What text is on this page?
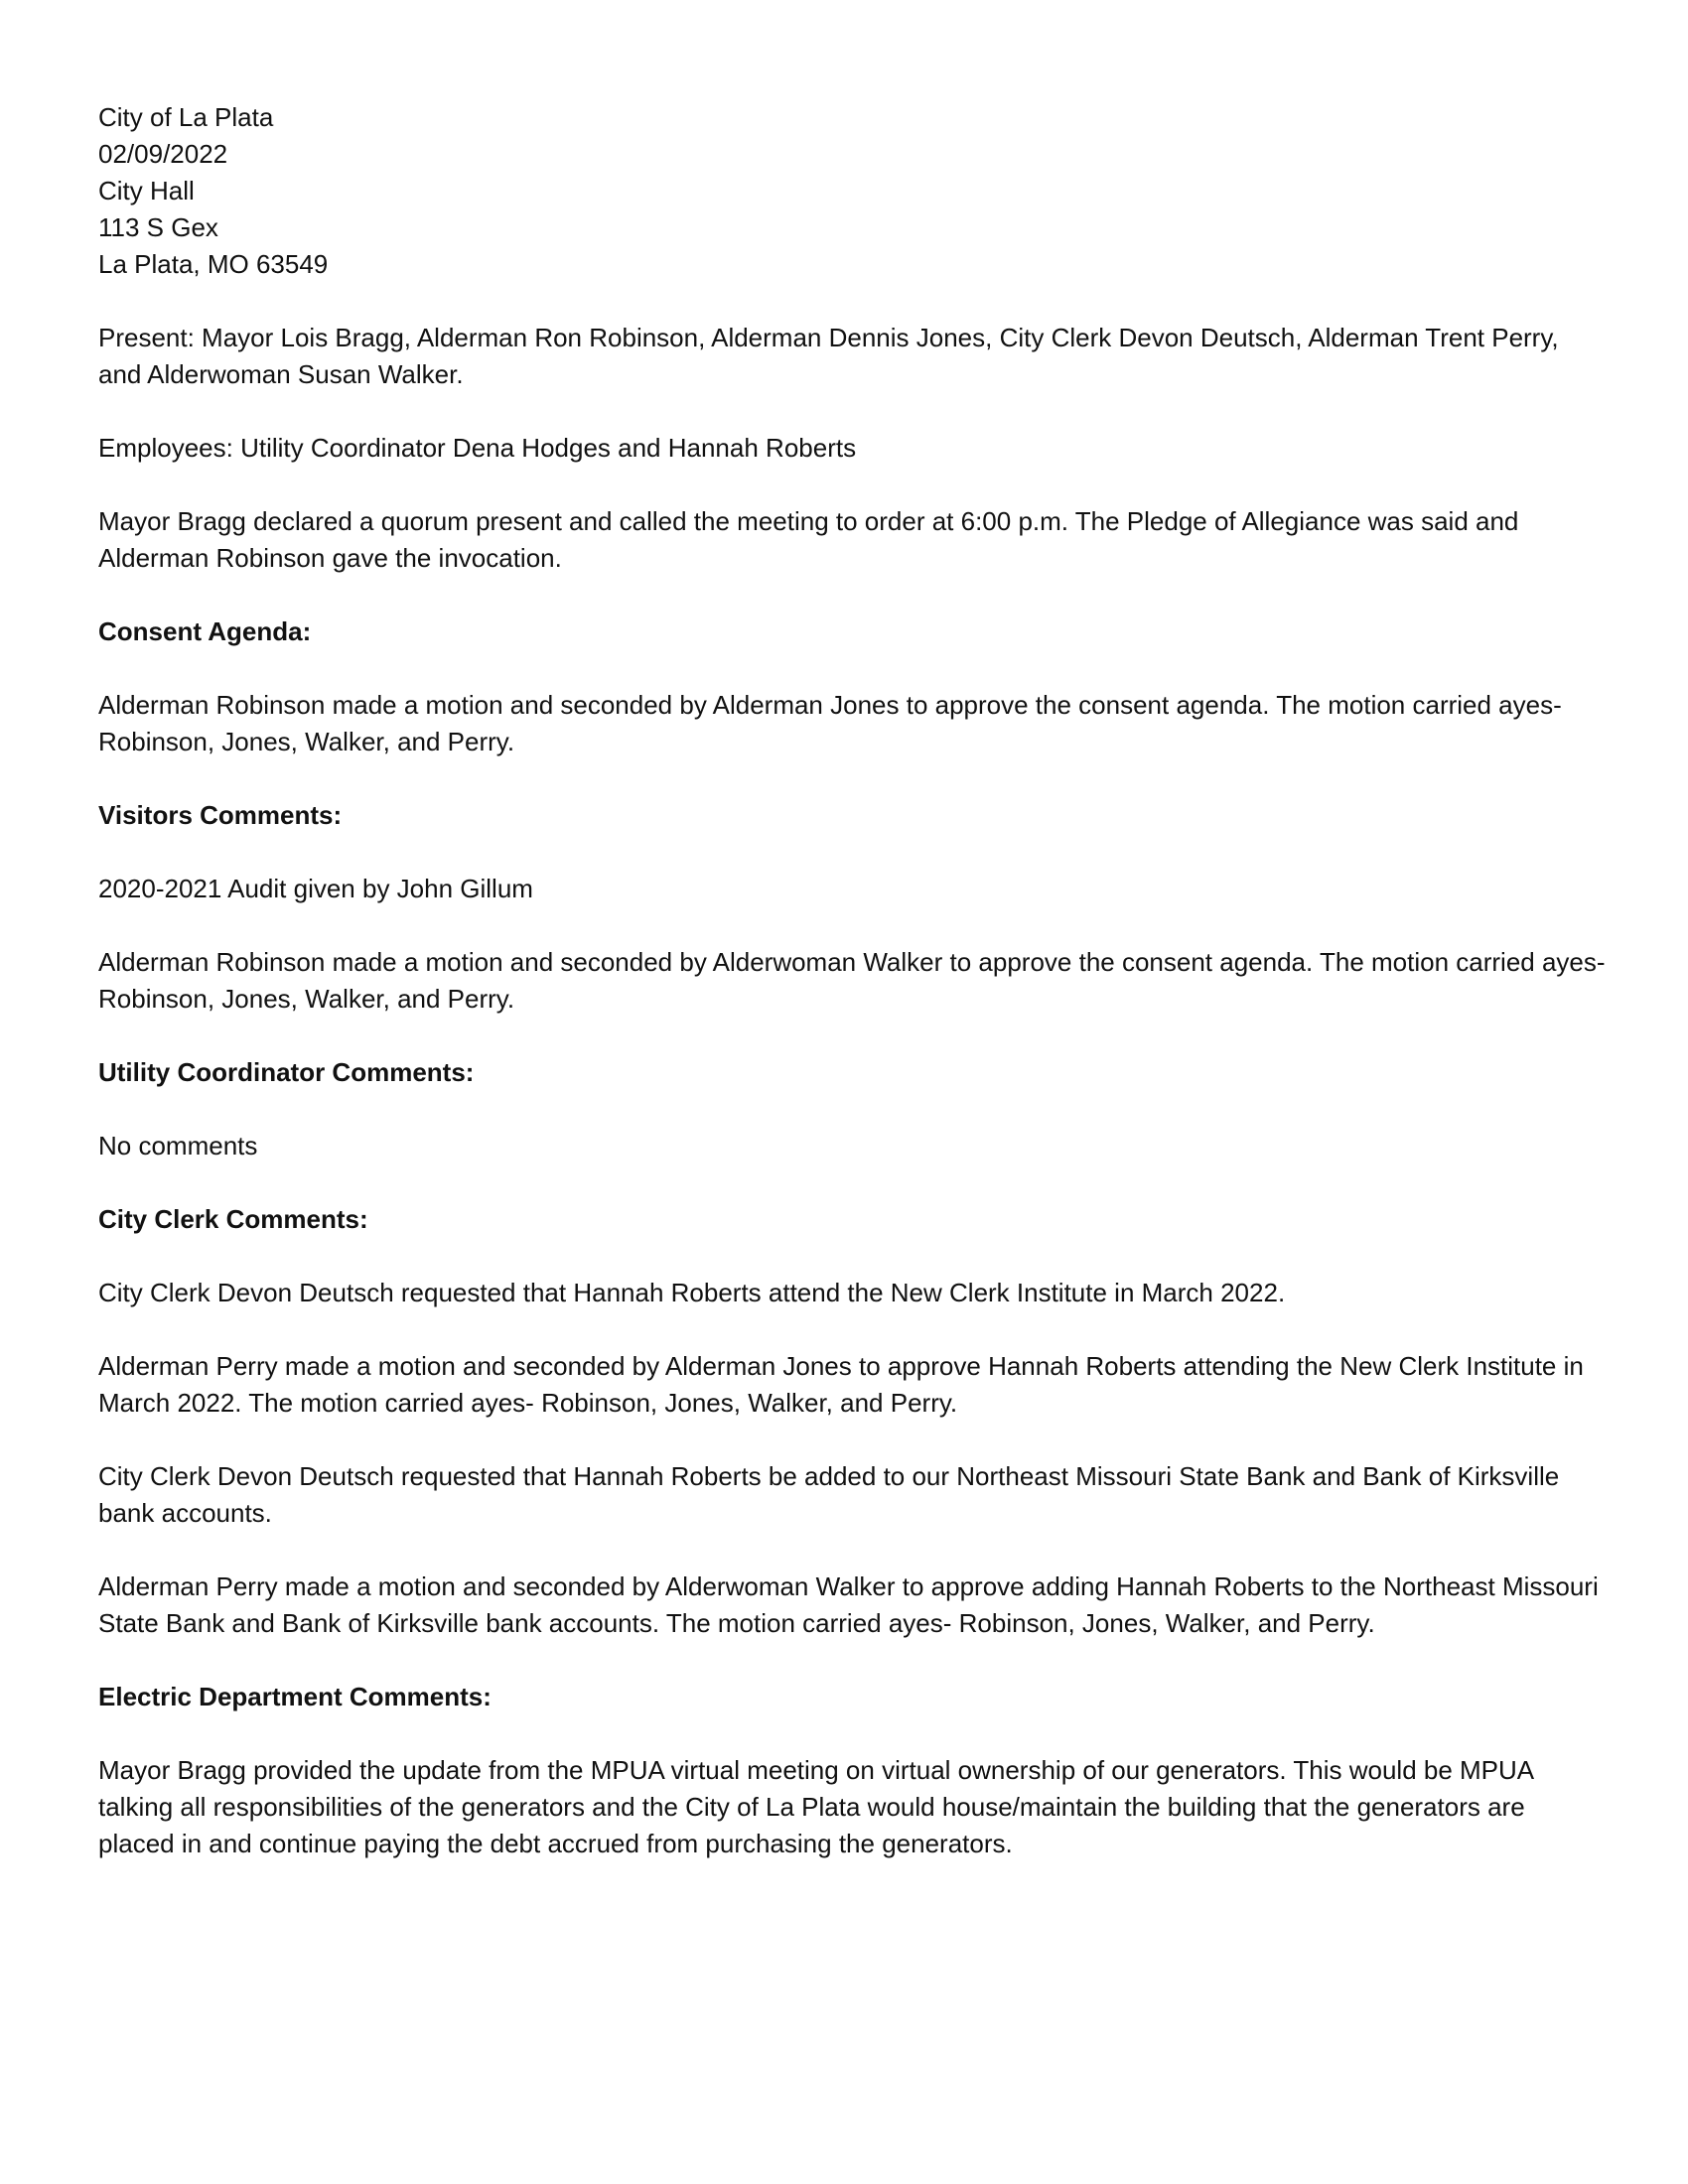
City of La Plata
02/09/2022
City Hall
113 S Gex
La Plata, MO 63549

Present: Mayor Lois Bragg, Alderman Ron Robinson, Alderman Dennis Jones, City Clerk Devon Deutsch, Alderman Trent Perry, and Alderwoman Susan Walker.

Employees: Utility Coordinator Dena Hodges and Hannah Roberts

Mayor Bragg declared a quorum present and called the meeting to order at 6:00 p.m. The Pledge of Allegiance was said and Alderman Robinson gave the invocation.

Consent Agenda:

Alderman Robinson made a motion and seconded by Alderman Jones to approve the consent agenda. The motion carried ayes- Robinson, Jones, Walker, and Perry.

Visitors Comments:

2020-2021 Audit given by John Gillum

Alderman Robinson made a motion and seconded by Alderwoman Walker to approve the consent agenda. The motion carried ayes- Robinson, Jones, Walker, and Perry.

Utility Coordinator Comments:

No comments

City Clerk Comments:

City Clerk Devon Deutsch requested that Hannah Roberts attend the New Clerk Institute in March 2022.

Alderman Perry made a motion and seconded by Alderman Jones to approve Hannah Roberts attending the New Clerk Institute in March 2022. The motion carried ayes- Robinson, Jones, Walker, and Perry.

City Clerk Devon Deutsch requested that Hannah Roberts be added to our Northeast Missouri State Bank and Bank of Kirksville bank accounts.

Alderman Perry made a motion and seconded by Alderwoman Walker to approve adding Hannah Roberts to the Northeast Missouri State Bank and Bank of Kirksville bank accounts. The motion carried ayes- Robinson, Jones, Walker, and Perry.

Electric Department Comments:

Mayor Bragg provided the update from the MPUA virtual meeting on virtual ownership of our generators. This would be MPUA talking all responsibilities of the generators and the City of La Plata would house/maintain the building that the generators are placed in and continue paying the debt accrued from purchasing the generators.
